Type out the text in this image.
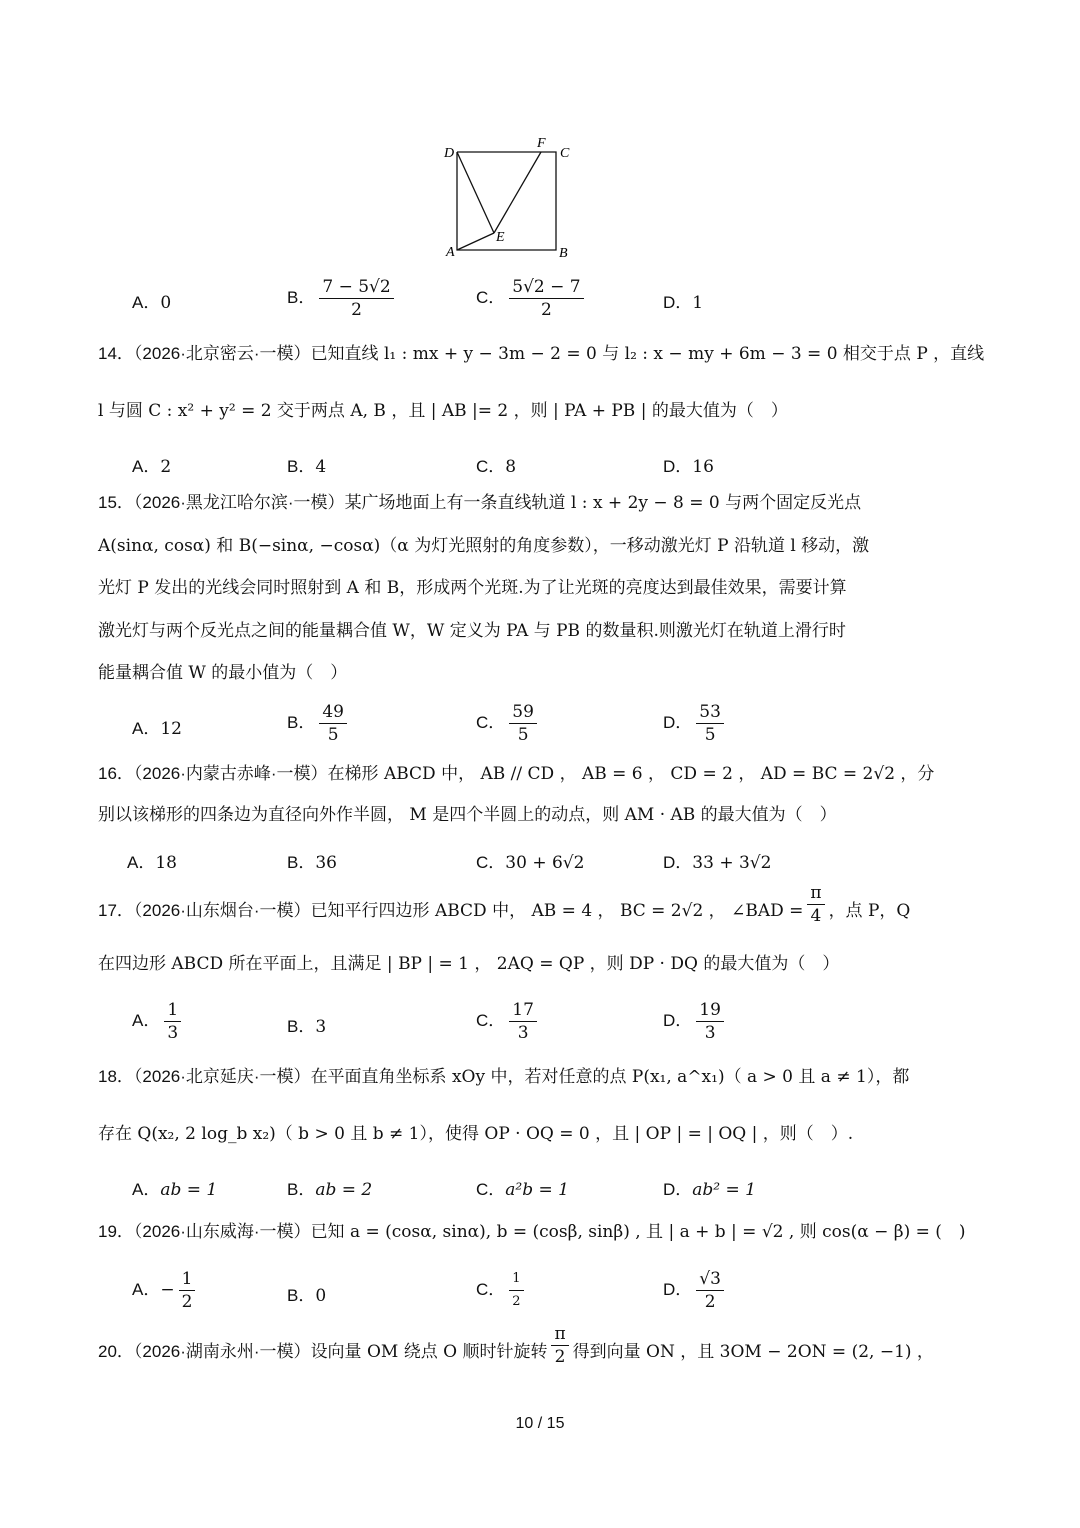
D
F
C
A
E
B
A．0	B． $\frac{7 - 5√2}{2}$	C． $\frac{5√2 - 7}{2}$	D．1
14．（2026·北京密云·一模）已知直线 l₁ : mx + y − 3m − 2 = 0 与 l₂ : x − my + 6m − 3 = 0 相交于点 P ，直线
l 与圆 C : x² + y² = 2 交于两点 A, B ，且 | AB |= 2 ，则 | PA + PB | 的最大值为（　）
A．2	B．4	C．8	D．16
15．（2026·黑龙江哈尔滨·一模）某广场地面上有一条直线轨道 l : x + 2y − 8 = 0 与两个固定反光点
A(sinα, cosα) 和 B(−sinα, −cosα)（α 为灯光照射的角度参数），一移动激光灯 P 沿轨道 l 移动，激
光灯 P 发出的光线会同时照射到 A 和 B，形成两个光斑.为了让光斑的亮度达到最佳效果，需要计算
激光灯与两个反光点之间的能量耦合值 W，W 定义为 PA 与 PB 的数量积.则激光灯在轨道上滑行时
能量耦合值 W 的最小值为（　）
A．12	B． $\frac{49}{5}$	C． $\frac{59}{5}$	D． $\frac{53}{5}$
16．（2026·内蒙古赤峰·一模）在梯形 ABCD 中， AB // CD ， AB = 6 ， CD = 2 ， AD = BC = 2√2 ，分
别以该梯形的四条边为直径向外作半圆， M 是四个半圆上的动点，则 AM · AB 的最大值为（　）
A．18	B．36	C．30 + 6√2	D．33 + 3√2
17．（2026·山东烟台·一模）已知平行四边形 ABCD 中， AB = 4 ， BC = 2√2 ， ∠BAD = $\frac{\pi}{4}$ ，点 P，Q
在四边形 ABCD 所在平面上，且满足 | BP | = 1 ， 2AQ = QP ，则 DP · DQ 的最大值为（　）
A． $\frac{1}{3}$	B．3	C． $\frac{17}{3}$	D． $\frac{19}{3}$
18．（2026·北京延庆·一模）在平面直角坐标系 xOy 中，若对任意的点 P(x₁, a^x₁)（ a > 0 且 a ≠ 1），都
存在 Q(x₂, 2 log_b x₂)（ b > 0 且 b ≠ 1），使得 OP · OQ = 0 ，且 | OP | = | OQ | ，则（　）.
A．ab = 1	B．ab = 2	C．a²b = 1	D．ab² = 1
19．（2026·山东威海·一模）已知 a = (cosα, sinα), b = (cosβ, sinβ) , 且 | a + b | = √2 , 则 cos(α − β) = (　)
A．− $\frac{1}{2}$	B．0	C． $\frac{1}{2}$	D． $\frac{√3}{2}$
20．（2026·湖南永州·一模）设向量 OM 绕点 O 顺时针旋转 $\frac{\pi}{2}$ 得到向量 ON ，且 3OM − 2ON = (2, −1) ，
10 / 15
